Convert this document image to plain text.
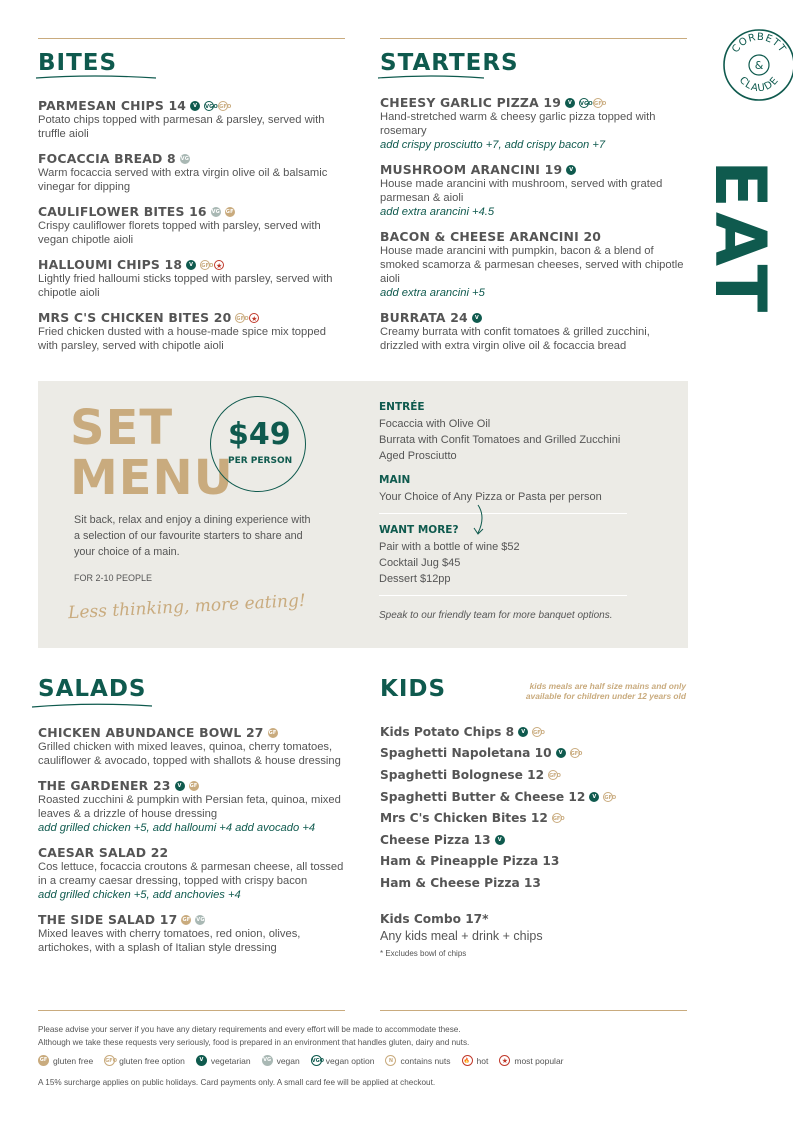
CORBETT
CLAUDE
&
EAT
BITES
PARMESAN CHIPS 14	V	VGO GFO
Potato chips topped with parmesan & parsley, served with truffle aioli
FOCACCIA BREAD 8 VG
Warm focaccia served with extra virgin olive oil & balsamic vinegar for dipping
CAULIFLOWER BITES 16 VG GF
Crispy cauliflower florets topped with parsley, served with vegan chipotle aioli
HALLOUMI CHIPS 18	V	GFO ★
Lightly fried halloumi sticks topped with parsley, served with chipotle aioli
MRS C'S CHICKEN BITES 20 GFO ★
Fried chicken dusted with a house-made spice mix topped with parsley, served with chipotle aioli
STARTERS
CHEESY GARLIC PIZZA 19	V	VGO GFO
Hand-stretched warm & cheesy garlic pizza topped with rosemary
add crispy prosciutto +7, add crispy bacon +7
MUSHROOM ARANCINI 19	V
House made arancini with mushroom, served with grated parmesan & aioli
add extra arancini +4.5
BACON & CHEESE ARANCINI 20
House made arancini with pumpkin, bacon & a blend of smoked scamorza & parmesan cheeses, served with chipotle aioli
add extra arancini +5
BURRATA 24	V
Creamy burrata with confit tomatoes & grilled zucchini, drizzled with extra virgin olive oil & focaccia bread
SET
MENU
$49
PER PERSON
Sit back, relax and enjoy a dining experience with a selection of our favourite starters to share and your choice of a main.
FOR 2-10 PEOPLE
Less thinking, more eating!
ENTRÉE
Focaccia with Olive Oil
Burrata with Confit Tomatoes and Grilled Zucchini
Aged Prosciutto
MAIN
Your Choice of Any Pizza or Pasta per person
WANT MORE?
Pair with a bottle of wine $52
Cocktail Jug $45
Dessert $12pp
Speak to our friendly team for more banquet options.
SALADS
CHICKEN ABUNDANCE BOWL 27 GF
Grilled chicken with mixed leaves, quinoa, cherry tomatoes, cauliflower & avocado, topped with shallots & house dressing
THE GARDENER 23	V	GF
Roasted zucchini & pumpkin with Persian feta, quinoa, mixed leaves & a drizzle of house dressing
add grilled chicken +5, add halloumi +4 add avocado +4
CAESAR SALAD 22
Cos lettuce, focaccia croutons & parmesan cheese, all tossed in a creamy caesar dressing, topped with crispy bacon
add grilled chicken +5, add anchovies +4
THE SIDE SALAD 17 GF VG
Mixed leaves with cherry tomatoes, red onion, olives, artichokes, with a splash of Italian style dressing
KIDS	kids meals are half size mains and only
available for children under 12 years old
Kids Potato Chips 8	V	GFO
Spaghetti Napoletana 10	V	GFO
Spaghetti Bolognese 12 GFO
Spaghetti Butter & Cheese 12	V	GFO
Mrs C's Chicken Bites 12 GFO
Cheese Pizza 13	V
Ham & Pineapple Pizza 13
Ham & Cheese Pizza 13
Kids Combo 17*
Any kids meal + drink + chips
* Excludes bowl of chips
Please advise your server if you have any dietary requirements and every effort will be made to accommodate these.
Although we take these requests very seriously, food is prepared in an environment that handles gluten, dairy and nuts.
GF gluten free GFO gluten free option	V vegetarian	VG vegan VGO vegan option	N contains nuts	🔥 hot	★ most popular
A 15% surcharge applies on public holidays. Card payments only. A small card fee will be applied at checkout.
